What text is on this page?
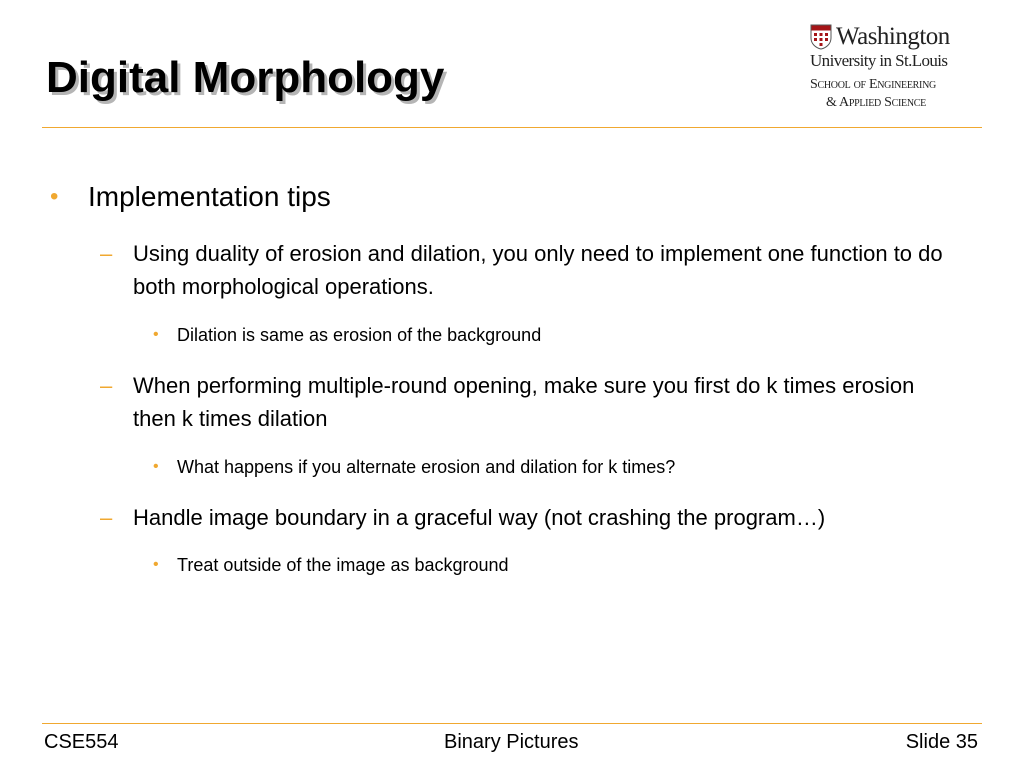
Digital Morphology
Washington
University in St.Louis
School of Engineering
& Applied Science
• Implementation tips
– Using duality of erosion and dilation, you only need to implement one function to do both morphological operations.
• Dilation is same as erosion of the background
– When performing multiple-round opening, make sure you first do k times erosion then k times dilation
• What happens if you alternate erosion and dilation for k times?
– Handle image boundary in a graceful way (not crashing the program…)
• Treat outside of the image as background
CSE554	Binary Pictures	Slide 35
